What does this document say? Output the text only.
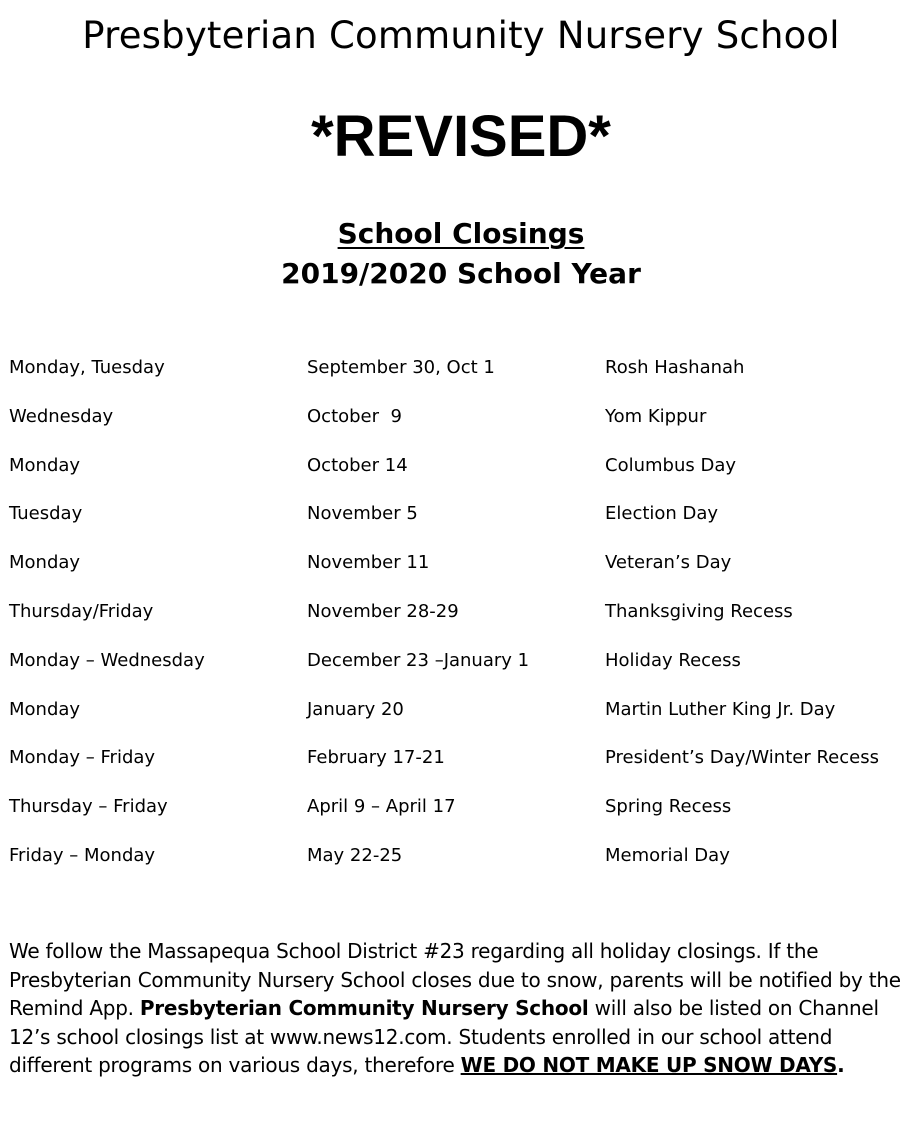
Presbyterian Community Nursery School
*REVISED*
School Closings
2019/2020 School Year
Monday, Tuesday	September 30, Oct 1	Rosh Hashanah
Wednesday	October  9	Yom Kippur
Monday	October 14	Columbus Day
Tuesday	November 5	Election Day
Monday	November 11	Veteran’s Day
Thursday/Friday	November 28-29	Thanksgiving Recess
Monday – Wednesday	December 23 –January 1	Holiday Recess
Monday	January 20	Martin Luther King Jr. Day
Monday – Friday	February 17-21	President’s Day/Winter Recess
Thursday – Friday	April 9 – April 17	Spring Recess
Friday – Monday	May 22-25	Memorial Day
We follow the Massapequa School District #23 regarding all holiday closings. If the Presbyterian Community Nursery School closes due to snow, parents will be notified by the Remind App. Presbyterian Community Nursery School will also be listed on Channel 12’s school closings list at www.news12.com. Students enrolled in our school attend different programs on various days, therefore WE DO NOT MAKE UP SNOW DAYS.
